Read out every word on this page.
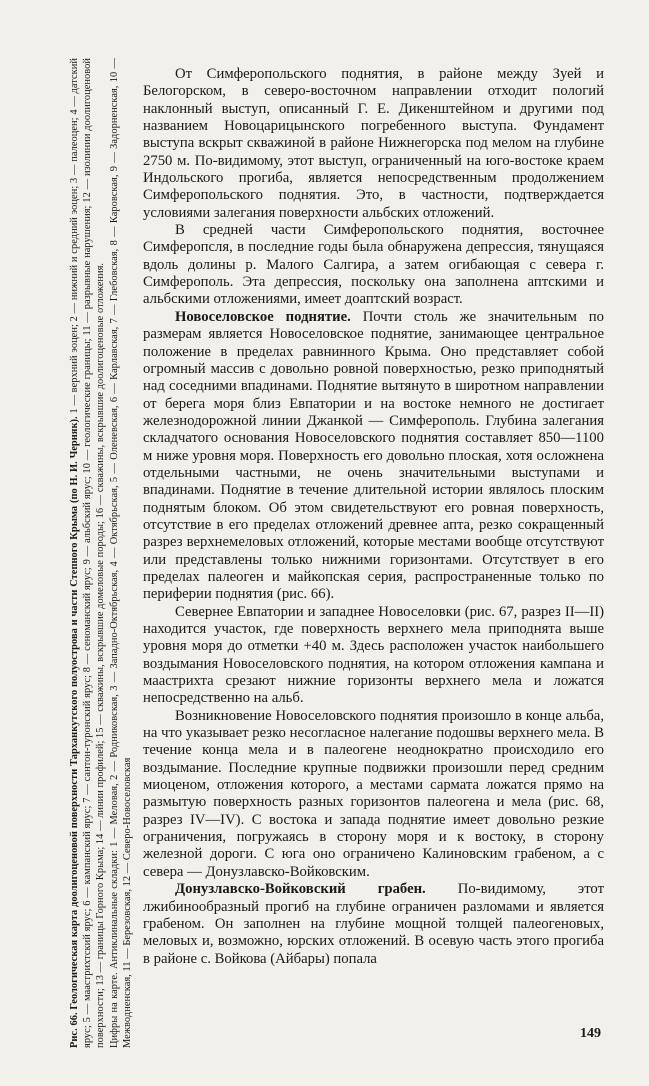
Рис. 66. Геологическая карта доолигоценовой поверхности Тарханкутского полуострова и части Степного Крыма (по Н. И. Черняк). 1 — верхний эоцен; 2 — нижний и средний эоцен; 3 — палеоцен; 4 — датский ярус; 5 — маастрихтский ярус; 6 — кампанский ярус; 7 — сантон-туронский ярус; 8 — сеноманский ярус; 9 — альбский ярус; 10 — геологические границы; 11 — разрывные нарушения; 12 — изолинии доолигоценовой поверхности; 13 — границы Горного Крыма; 14 — линии профилей; 15 — скважины, вскрывшие домеловые породы; 16 — скважины, вскрывшие доолигоценовые отложения. Цифры на карте. Антиклинальные складки: 1 — Меловая, 2 — Родниковская, 3 — Западно-Октябрьская, 4 — Октябрьская, 5 — Оленевская, 6 — Карлавская, 7 — Глебовская, 8 — Каровская, 9 — Задорненская, 10 — Межводненская, 11 — Березовская, 12 — Северо-Новоселовская

От Симферопольского поднятия, в районе между Зуей и Белогорском, в северо-восточном направлении отходит пологий наклонный выступ, описанный Г. Е. Дикенштейном и другими под названием Новоцарицынского погребенного выступа. Фундамент выступа вскрыт скважиной в районе Нижнегорска под мелом на глубине 2750 м. По-видимому, этот выступ, ограниченный на юго-востоке краем Индольского прогиба, является непосредственным продолжением Симферопольского поднятия. Это, в частности, подтверждается условиями залегания поверхности альбских отложений.

В средней части Симферопольского поднятия, восточнее Симферопсля, в последние годы была обнаружена депрессия, тянущаяся вдоль долины р. Малого Салгира, а затем огибающая с севера г. Симферополь. Эта депрессия, поскольку она заполнена аптскими и альбскими отложениями, имеет доаптский возраст.

Новоселовское поднятие. Почти столь же значительным по размерам является Новоселовское поднятие, занимающее центральное положение в пределах равнинного Крыма. Оно представляет собой огромный массив с довольно ровной поверхностью, резко приподнятый над соседними впадинами. Поднятие вытянуто в широтном направлении от берега моря близ Евпатории и на востоке немного не достигает железнодорожной линии Джанкой — Симферополь. Глубина залегания складчатого основания Новоселовского поднятия составляет 850—1100 м ниже уровня моря. Поверхность его довольно плоская, хотя осложнена отдельными частными, не очень значительными выступами и впадинами. Поднятие в течение длительной истории являлось плоским поднятым блоком. Об этом свидетельствуют его ровная поверхность, отсутствие в его пределах отложений древнее апта, резко сокращенный разрез верхнемеловых отложений, которые местами вообще отсутствуют или представлены только нижними горизонтами. Отсутствует в его пределах палеоген и майкопская серия, распространенные только по периферии поднятия (рис. 66).

Севернее Евпатории и западнее Новоселовки (рис. 67, разрез II—II) находится участок, где поверхность верхнего мела приподнята выше уровня моря до отметки +40 м. Здесь расположен участок наибольшего воздымания Новоселовского поднятия, на котором отложения кампана и маастрихта срезают нижние горизонты верхнего мела и ложатся непосредственно на альб.

Возникновение Новоселовского поднятия произошло в конце альба, на что указывает резко несогласное налегание подошвы верхнего мела. В течение конца мела и в палеогене неоднократно происходило его воздымание. Последние крупные подвижки произошли перед средним миоценом, отложения которого, а местами сармата ложатся прямо на размытую поверхность разных горизонтов палеогена и мела (рис. 68, разрез IV—IV). С востока и запада поднятие имеет довольно резкие ограничения, погружаясь в сторону моря и к востоку, в сторону железной дороги. С юга оно ограничено Калиновским грабеном, а с севера — Донузлавско-Войковским.

Донузлавско-Войковский грабен. По-видимому, этот лжибинообразный прогиб на глубине ограничен разломами и является грабеном. Он заполнен на глубине мощной толщей палеогеновых, меловых и, возможно, юрских отложений. В осевую часть этого прогиба в районе с. Войкова (Айбары) попала

149
